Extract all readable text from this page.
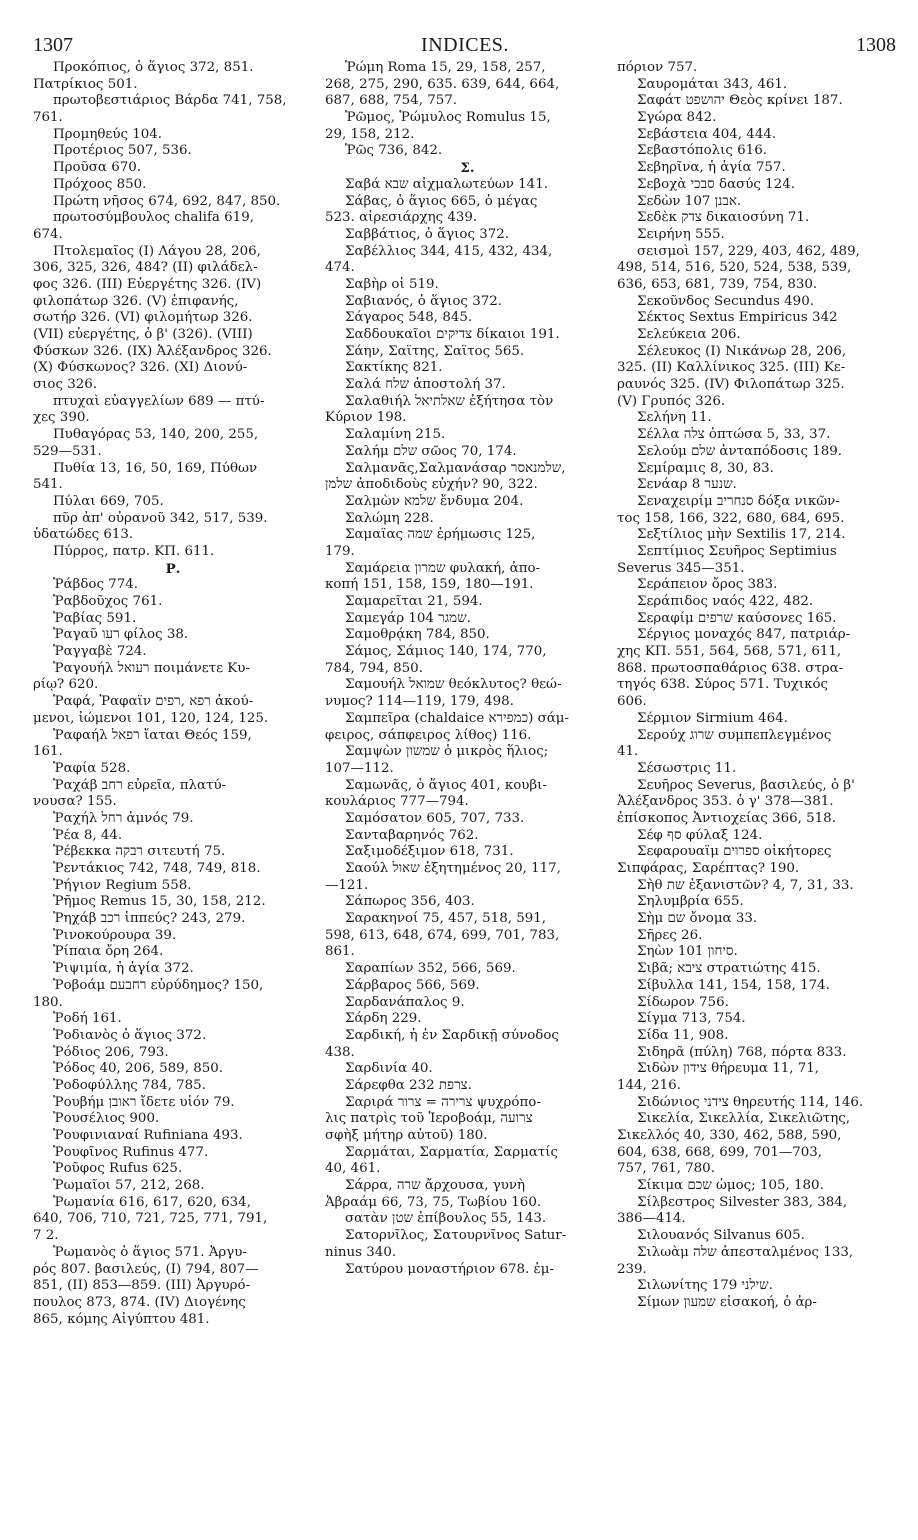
1307	INDICES.	1308
Προκόπιος, ὁ ἅγιος 372, 851.
Πατρίκιος 501.
πρωτοβεστιάριος Βάρδα 741, 758,
761.
Προμηθεύς 104.
Προτέριος 507, 536.
Προῦσα 670.
Πρόχοος 850.
Πρώτη νῆσος 674, 692, 847, 850.
πρωτοσύμβουλος chalifa 619,
674.
Πτολεμαῖος (I) Λάγου 28, 206,
306, 325, 326, 484? (II) φιλάδελ-
φος 326. (III) Εὐεργέτης 326. (IV)
φιλοπάτωρ 326. (V) ἐπιφανής,
σωτήρ 326. (VI) φιλομήτωρ 326.
(VII) εὐεργέτης, ὁ β' (326). (VIII)
Φύσκων 326. (IX) Ἀλέξανδρος 326.
(X) Φύσκωνος? 326. (XI) Διονύ-
σιος 326.
πτυχαὶ εὐαγγελίων 689 — πτύ-
χες 390.
Πυθαγόρας 53, 140, 200, 255,
529—531.
Πυθία 13, 16, 50, 169, Πύθων
541.
Πύλαι 669, 705.
πῦρ ἀπ' οὐρανοῦ 342, 517, 539.
ὑδατώδες 613.
Πύρρος, πατρ. ΚΠ. 611.
Ρ.
Ῥάβδος 774.
Ῥαβδοῦχος 761.
Ῥαβίας 591.
Ῥαγαῦ רעו φίλος 38.
Ῥαγγαβὲ 724.
Ῥαγουήλ רעואל ποιμάνετε Κυ-
ρίῳ? 620.
Ῥαφά, Ῥαφαΐν רפא ,רפים ἀκού-
μενοι, ἰώμενοι 101, 120, 124, 125.
Ῥαφαήλ רפאל ἴαται Θεός 159,
161.
Ῥαφία 528.
Ῥαχάβ רחב εὐρεῖα, πλατύ-
νουσα? 155.
Ῥαχήλ רחל ἀμνός 79.
Ῥέα 8, 44.
Ῥέβεκκα רבקה σιτευτή 75.
Ῥεντάκιος 742, 748, 749, 818.
Ῥήγιον Regium 558.
Ῥῆμος Remus 15, 30, 158, 212.
Ῥηχάβ רכב ἱππεύς? 243, 279.
Ῥινοκούρουρα 39.
Ῥίπαια ὄρη 264.
Ῥιψιμία, ἡ ἁγία 372.
Ῥοβοάμ רחבעם εὐρύδημος? 150,
180.
Ῥοδή 161.
Ῥοδιανὸς ὁ ἅγιος 372.
Ῥόδιος 206, 793.
Ῥόδος 40, 206, 589, 850.
Ῥοδοφύλλης 784, 785.
Ῥουβήμ ראובן ἴδετε υἱόν 79.
Ῥουσέλιος 900.
Ῥουφινιαναί Rufiniana 493.
Ῥουφῖνος Rufinus 477.
Ῥοῦφος Rufus 625.
Ῥωμαῖοι 57, 212, 268.
Ῥωμανία 616, 617, 620, 634,
640, 706, 710, 721, 725, 771, 791,
7 2.
Ῥωμανὸς ὁ ἅγιος 571. Ἀργυ-
ρός 807. βασιλεύς, (I) 794, 807—
851, (II) 853—859. (III) Ἀργυρό-
πουλος 873, 874. (IV) Διογένης
865, κόμης Αἰγύπτου 481.
Ῥώμη Roma 15, 29, 158, 257,
268, 275, 290, 635. 639, 644, 664,
687, 688, 754, 757.
Ῥῶμος, Ῥώμυλος Romulus 15,
29, 158, 212.
Ῥῶς 736, 842.
Σ.
Σαβά שבא αἰχμαλωτεύων 141.
Σάβας, ὁ ἅγιος 665, ὁ μέγας
523. αἰρεσιάρχης 439.
Σαββάτιος, ὁ ἅγιος 372.
Σαβέλλιος 344, 415, 432, 434,
474.
Σαβὴρ οἱ 519.
Σαβιανός, ὁ ἅγιος 372.
Σάγαρος 548, 845.
Σαδδουκαῖοι צדיקים δίκαιοι 191.
Σάην, Σαΐτης, Σαΐτος 565.
Σακτίκης 821.
Σαλά שלח ἀποστολή 37.
Σαλαθιήλ שאלתיאל ἐξήτησα τὸν
Κύριον 198.
Σαλαμίνη 215.
Σαλήμ שלם σῶος 70, 174.
Σαλμανᾶς,Σαλμανάσαρ שלמנאסר,
שלמן ἀποδιδοὺς εὐχήν? 90, 322.
Σαλμὼν שלמא ἔνδυμα 204.
Σαλώμη 228.
Σαμαΐας שמה ἐρήμωσις 125,
179.
Σαμάρεια שמרון φυλακή, ἀπο-
κοπή 151, 158, 159, 180—191.
Σαμαρεῖται 21, 594.
Σαμεγάρ שמגר 104.
Σαμοθρᾴκη 784, 850.
Σάμος, Σάμιος 140, 174, 770,
784, 794, 850.
Σαμουήλ שמואל θεόκλυτος? θεώ-
νυμος? 114—119, 179, 498.
Σαμπεῖρα (chaldaice כמפירא) σάμ-
φειρος, σάπφειρος λίθος) 116.
Σαμψὼν שמשון ὁ μικρὸς ἥλιος;
107—112.
Σαμωνᾶς, ὁ ἅγιος 401, κουβι-
κουλάριος 777—794.
Σαμόσατον 605, 707, 733.
Σανταβαρηνός 762.
Σαξιμοδέξιμον 618, 731.
Σαούλ שאול ἐξητημένος 20, 117,
—121.
Σάπωρος 356, 403.
Σαρακηνοί 75, 457, 518, 591,
598, 613, 648, 674, 699, 701, 783,
861.
Σαραπίων 352, 566, 569.
Σάρβαρος 566, 569.
Σαρδανάπαλος 9.
Σάρδη 229.
Σαρδική, ἡ ἐν Σαρδικῇ σύνοδος
438.
Σαρδινία 40.
Σάρεφθα צרפת 232.
Σαριρά צרירה = צרור ψυχρόπο-
λις πατρὶς τοῦ Ἱεροβοάμ, צרועה
σφὴξ μήτηρ αὐτοῦ) 180.
Σαρμάται, Σαρματία, Σαρματίς
40, 461.
Σάρρα, שרה ἄρχουσα, γυνὴ
Ἀβραάμ 66, 73, 75, Τωβίου 160.
σατὰν שטן ἐπίβουλος 55, 143.
Σατορνῖλος, Σατουρνῖνος Satur-
ninus 340.
Σατύρου μοναστήριον 678. ἐμ-
πόριον 757.
Σαυρομάται 343, 461.
Σαφάτ יהושפט Θεὸς κρίνει 187.
Σγώρα 842.
Σεβάστεια 404, 444.
Σεβαστόπολις 616.
Σεβηρῖνα, ἡ ἁγία 757.
Σεβοχὰ סבכי δασύς 124.
Σεδὼν אבנן 107.
Σεδὲκ צדק δικαιοσύνη 71.
Σειρήνη 555.
σεισμοὶ 157, 229, 403, 462, 489,
498, 514, 516, 520, 524, 538, 539,
636, 653, 681, 739, 754, 830.
Σεκοῦνδος Secundus 490.
Σέκτος Sextus Empiricus 342
Σελεύκεια 206.
Σέλευκος (I) Νικάνωρ 28, 206,
325. (II) Καλλίνικος 325. (III) Κε-
ραυνός 325. (IV) Φιλοπάτωρ 325.
(V) Γρυπός 326.
Σελήνη 11.
Σέλλα צלה ὀπτώσα 5, 33, 37.
Σελούμ שלם ἀνταπόδοσις 189.
Σεμίραμις 8, 30, 83.
Σενάαρ שנער 8.
Σεναχειρίμ סנחריב δόξα νικῶν-
τος 158, 166, 322, 680, 684, 695.
Σεξτίλιος μὴν Sextilis 17, 214.
Σεπτίμιος Σευῆρος Septimius
Severus 345—351.
Σεράπειον ὄρος 383.
Σεράπιδος ναός 422, 482.
Σεραφίμ שרפים καύσονες 165.
Σέργιος μοναχός 847, πατριάρ-
χης ΚΠ. 551, 564, 568, 571, 611,
868. πρωτοσπαθάριος 638. στρα-
τηγός 638. Σύρος 571. Τυχικός
606.
Σέρμιον Sirmium 464.
Σερούχ שרוג συμπεπλεγμένος
41.
Σέσωστρις 11.
Σευῆρος Severus, βασιλεύς, ὁ β'
Ἀλέξανδρος 353. ὁ γ' 378—381.
ἐπίσκοπος Ἀντιοχείας 366, 518.
Σέφ סף φύλαξ 124.
Σεφαρουαΐμ ספרוים οἰκήτορες
Σιπφάρας, Σαρέπτας? 190.
Σὴθ שת ἐξανιστῶν? 4, 7, 31, 33.
Σηλυμβρία 655.
Σὴμ שם ὄνομα 33.
Σῆρες 26.
Σηὼν סיחון 101.
Σιβᾶ; ציבא στρατιώτης 415.
Σίβυλλα 141, 154, 158, 174.
Σίδωρον 756.
Σίγμα 713, 754.
Σίδα 11, 908.
Σιδηρᾶ (πύλη) 768, πόρτα 833.
Σιδὼν צידון θήρευμα 11, 71,
144, 216.
Σιδώνιος צידני θηρευτής 114, 146.
Σικελία, Σικελλία, Σικελιῶτης,
Σικελλός 40, 330, 462, 588, 590,
604, 638, 668, 699, 701—703,
757, 761, 780.
Σίκιμα שכם ὦμος; 105, 180.
Σίλβεστρος Silvester 383, 384,
386—414.
Σιλουανός Silvanus 605.
Σιλωὰμ שלה ἀπεσταλμένος 133,
239.
Σιλωνίτης שילני 179.
Σίμων שמעון εἰσακοή, ὁ ἀρ-
